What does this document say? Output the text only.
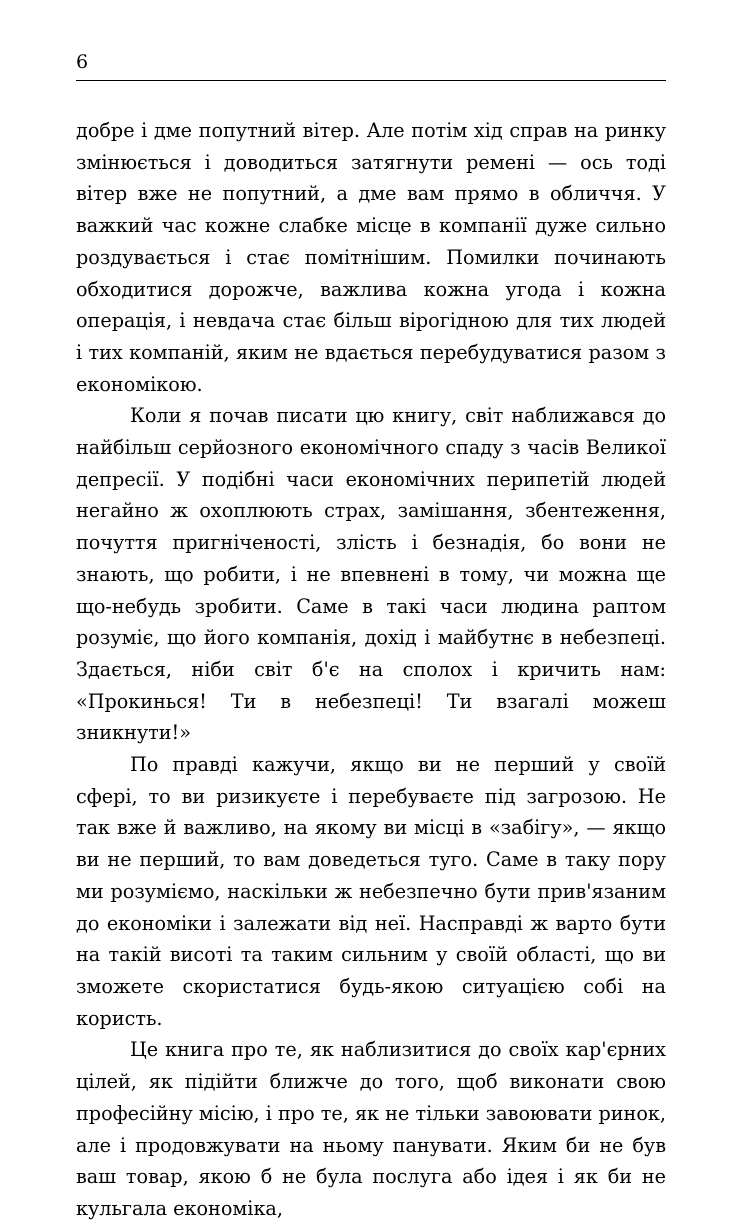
6

добре і дме попутний вітер. Але потім хід справ на ринку змінюється і доводиться затягнути ремені — ось тоді вітер вже не попутний, а дме вам прямо в обличчя. У важкий час кожне слабке місце в компанії дуже сильно роздувається і стає помітнішим. Помилки починають обходитися дорожче, важлива кожна угода і кожна операція, і невдача стає більш вірогідною для тих людей і тих компаній, яким не вдається перебудуватися разом з економікою.

Коли я почав писати цю книгу, світ наближався до найбільш серйозного економічного спаду з часів Великої депресії. У подібні часи економічних перипетій людей негайно ж охоплюють страх, замішання, збентеження, почуття пригніченості, злість і безнадія, бо вони не знають, що робити, і не впевнені в тому, чи можна ще що-небудь зробити. Саме в такі часи людина раптом розуміє, що його компанія, дохід і майбутнє в небезпеці. Здається, ніби світ б'є на сполох і кричить нам: «Прокинься! Ти в небезпеці! Ти взагалі можеш зникнути!»

По правді кажучи, якщо ви не перший у своїй сфері, то ви ризикуєте і перебуваєте під загрозою. Не так вже й важливо, на якому ви місці в «забігу», — якщо ви не перший, то вам доведеться туго. Саме в таку пору ми розуміємо, наскільки ж небезпечно бути прив'язаним до економіки і залежати від неї. Насправді ж варто бути на такій висоті та таким сильним у своїй області, що ви зможете скористатися будь-якою ситуацією собі на користь.

Це книга про те, як наблизитися до своїх кар'єрних цілей, як підійти ближче до того, щоб виконати свою професійну місію, і про те, як не тільки завоювати ринок, але і продовжувати на ньому панувати. Яким би не був ваш товар, якою б не була послуга або ідея і як би не кульгала економіка,
